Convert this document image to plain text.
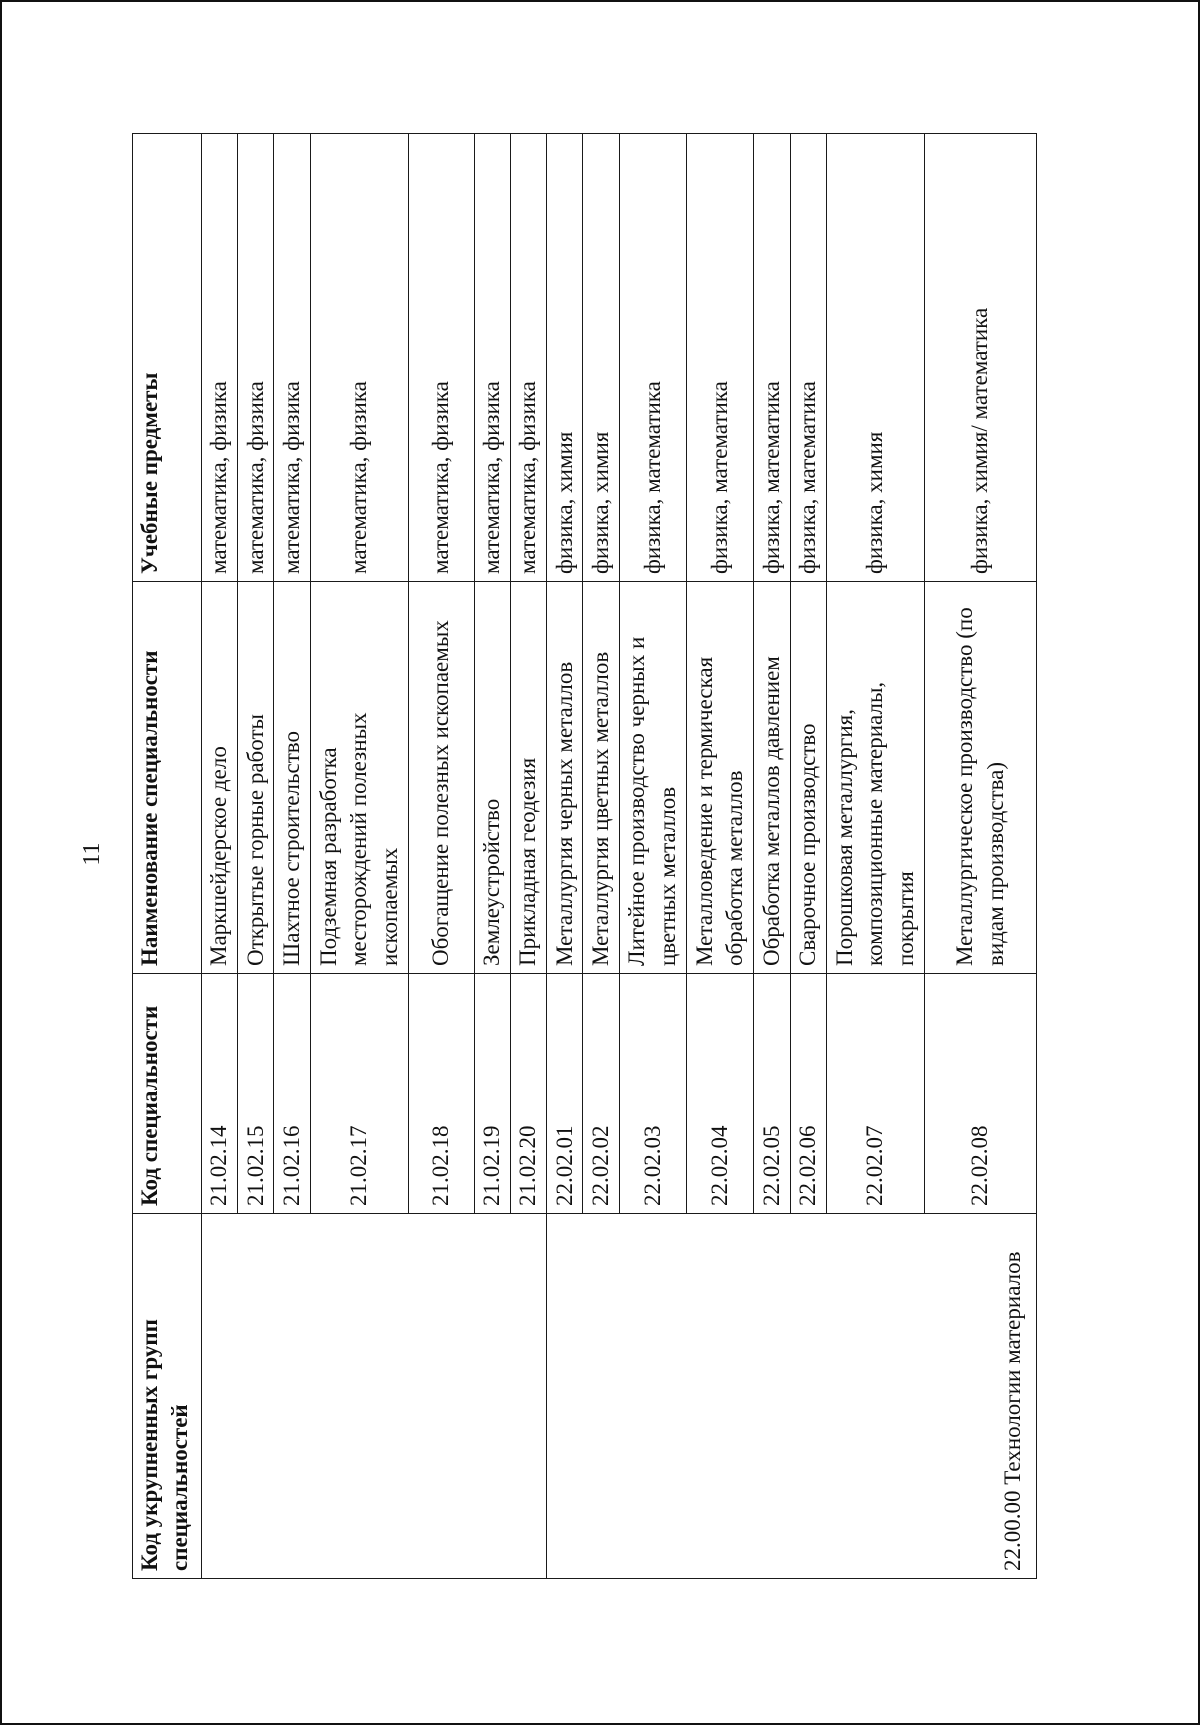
11
Код укрупненных групп специальностей	Код специальности	Наименование специальности	Учебные предметы
	21.02.14	Маркшейдерское дело	математика, физика
	21.02.15	Открытые горные работы	математика, физика
	21.02.16	Шахтное строительство	математика, физика
	21.02.17	Подземная разработка месторождений полезных ископаемых	математика, физика
	21.02.18	Обогащение полезных ископаемых	математика, физика
	21.02.19	Землеустройство	математика, физика
	21.02.20	Прикладная геодезия	математика, физика
22.00.00 Технологии материалов	22.02.01	Металлургия черных металлов	физика, химия
	22.02.02	Металлургия цветных металлов	физика, химия
	22.02.03	Литейное производство черных и цветных металлов	физика, математика
	22.02.04	Металловедение и термическая обработка металлов	физика, математика
	22.02.05	Обработка металлов давлением	физика, математика
	22.02.06	Сварочное производство	физика, математика
	22.02.07	Порошковая металлургия, композиционные материалы, покрытия	физика, химия
	22.02.08	Металлургическое производство (по видам производства)	физика, химия/ математика
